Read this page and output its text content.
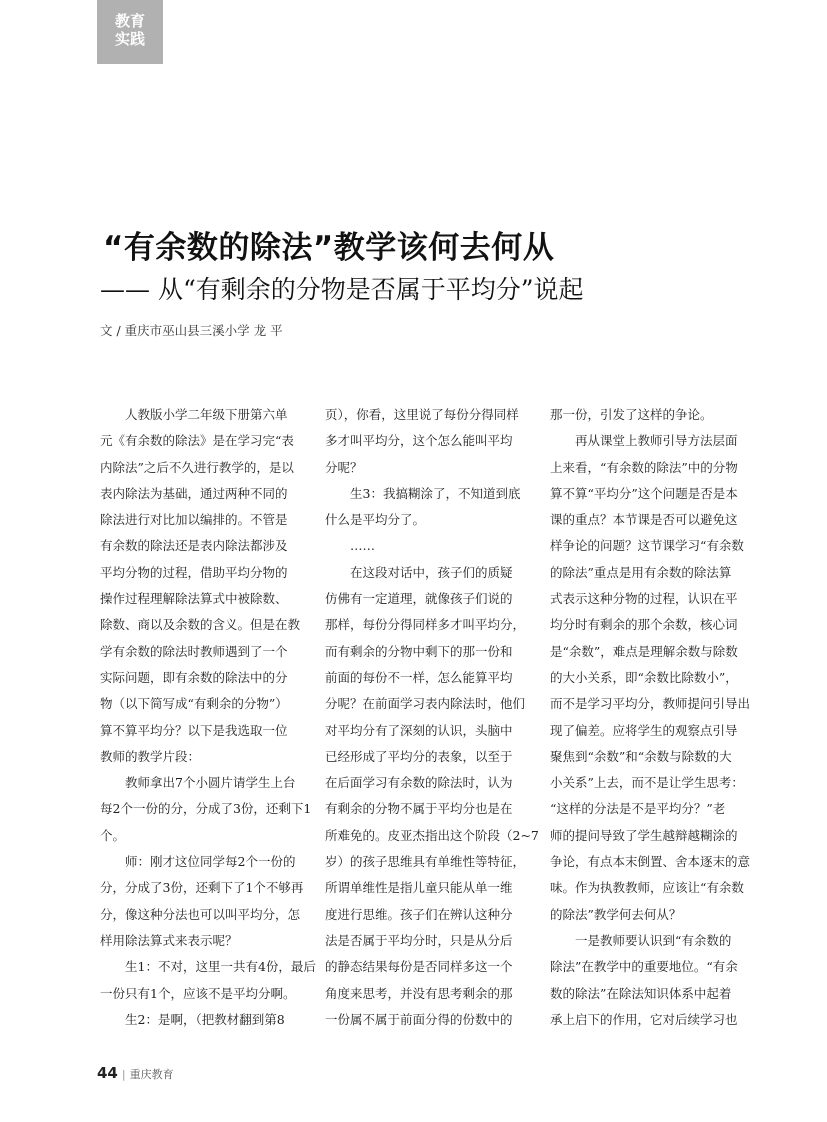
教育
实践
“有余数的除法”教学该何去何从
—— 从“有剩余的分物是否属于平均分”说起
文 / 重庆市巫山县三溪小学 龙 平

人教版小学二年级下册第六单

元《有余数的除法》是在学习完“表

内除法”之后不久进行教学的，是以

表内除法为基础，通过两种不同的

除法进行对比加以编排的。不管是

有余数的除法还是表内除法都涉及

平均分物的过程，借助平均分物的

操作过程理解除法算式中被除数、

除数、商以及余数的含义。但是在教

学有余数的除法时教师遇到了一个

实际问题，即有余数的除法中的分

物（以下简写成“有剩余的分物”）

算不算平均分？以下是我选取一位

教师的教学片段：

教师拿出7个小圆片请学生上台

每2个一份的分，分成了3份，还剩下1

个。

师：刚才这位同学每2个一份的

分，分成了3份，还剩下了1个不够再

分，像这种分法也可以叫平均分，怎

样用除法算式来表示呢？

生1：不对，这里一共有4份，最后

一份只有1个，应该不是平均分啊。

生2：是啊，（把教材翻到第8

页），你看，这里说了每份分得同样

多才叫平均分，这个怎么能叫平均

分呢？

生3：我搞糊涂了，不知道到底

什么是平均分了。

……

在这段对话中，孩子们的质疑

仿佛有一定道理，就像孩子们说的

那样，每份分得同样多才叫平均分，

而有剩余的分物中剩下的那一份和

前面的每份不一样，怎么能算平均

分呢？在前面学习表内除法时，他们

对平均分有了深刻的认识，头脑中

已经形成了平均分的表象，以至于

在后面学习有余数的除法时，认为

有剩余的分物不属于平均分也是在

所难免的。皮亚杰指出这个阶段（2~7

岁）的孩子思维具有单维性等特征，

所谓单维性是指儿童只能从单一维

度进行思维。孩子们在辨认这种分

法是否属于平均分时，只是从分后

的静态结果每份是否同样多这一个

角度来思考，并没有思考剩余的那

一份属不属于前面分得的份数中的

那一份，引发了这样的争论。

再从课堂上教师引导方法层面

上来看，“有余数的除法”中的分物

算不算“平均分”这个问题是否是本

课的重点？本节课是否可以避免这

样争论的问题？这节课学习“有余数

的除法”重点是用有余数的除法算

式表示这种分物的过程，认识在平

均分时有剩余的那个余数，核心词

是“余数”，难点是理解余数与除数

的大小关系，即“余数比除数小”，

而不是学习平均分，教师提问引导出

现了偏差。应将学生的观察点引导

聚焦到“余数”和“余数与除数的大

小关系”上去，而不是让学生思考：

“这样的分法是不是平均分？”老

师的提问导致了学生越辩越糊涂的

争论，有点本末倒置、舍本逐末的意

味。作为执教教师，应该让“有余数

的除法”教学何去何从？

一是教师要认识到“有余数的

除法”在教学中的重要地位。“有余

数的除法”在除法知识体系中起着

承上启下的作用，它对后续学习也

44 | 重庆教育
